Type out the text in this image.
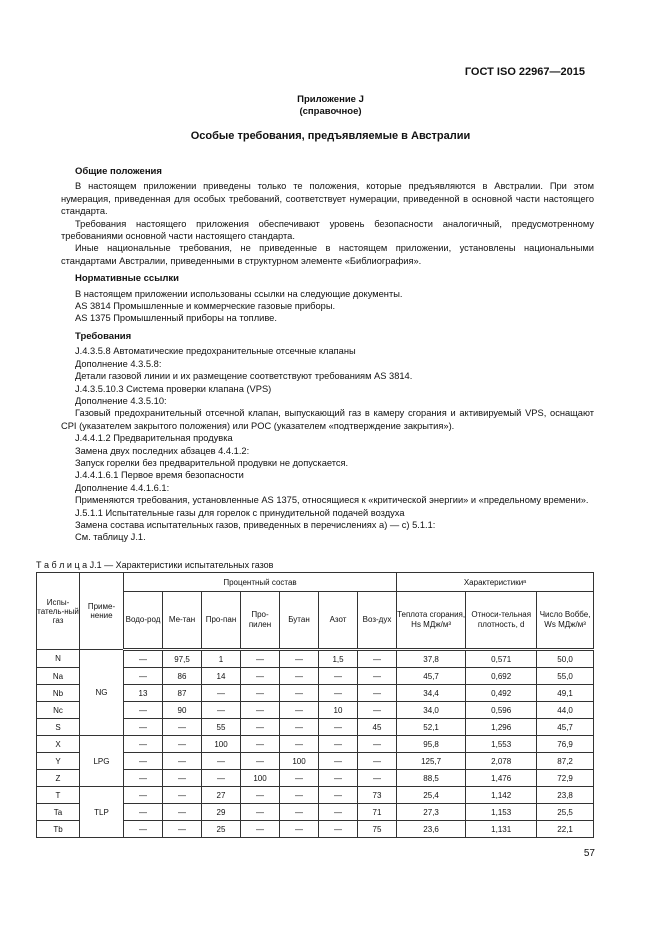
ГОСТ ISO 22967—2015
Приложение J
(справочное)
Особые требования, предъявляемые в Австралии
Общие положения

В настоящем приложении приведены только те положения, которые предъявляются в Австралии. При этом нумерация, приведенная для особых требований, соответствует нумерации, приведенной в основной части настоящего стандарта.

Требования настоящего приложения обеспечивают уровень безопасности аналогичный, предусмотренному требованиями основной части настоящего стандарта.

Иные национальные требования, не приведенные в настоящем приложении, установлены национальными стандартами Австралии, приведенными в структурном элементе «Библиография».

Нормативные ссылки

В настоящем приложении использованы ссылки на следующие документы.

AS 3814 Промышленные и коммерческие газовые приборы.

AS 1375 Промышленный приборы на топливе.

Требования

J.4.3.5.8 Автоматические предохранительные отсечные клапаны

Дополнение 4.3.5.8:

Детали газовой линии и их размещение соответствуют требованиям AS 3814.

J.4.3.5.10.3 Система проверки клапана (VPS)

Дополнение 4.3.5.10:

Газовый предохранительный отсечной клапан, выпускающий газ в камеру сгорания и активируемый VPS, оснащают CPI (указателем закрытого положения) или POC (указателем «подтверждение закрытия»).

J.4.4.1.2 Предварительная продувка

Замена двух последних абзацев 4.4.1.2:

Запуск горелки без предварительной продувки не допускается.

J.4.4.1.6.1 Первое время безопасности

Дополнение 4.4.1.6.1:

Применяются требования, установленные AS 1375, относящиеся к «критической энергии» и «предельному времени».

J.5.1.1 Испытательные газы для горелок с принудительной подачей воздуха

Замена состава испытательных газов, приведенных в перечислениях а) — с) 5.1.1:

См. таблицу J.1.

Т а б л и ц а J.1 — Характеристики испытательных газов
Испы-татель-ный газ	Приме-нение	Процентный состав							Характеристикиᵃ		
		Водо-род	Ме-тан	Про-пан	Про-пилен	Бутан	Азот	Воз-дух	Теплота сгорания, Hs МДж/м³	Относи-тельная плотность, d	Число Воббе, Ws МДж/м³
N	NG	—	97,5	1	—	—	1,5	—	37,8	0,571	50,0
Na		—	86	14	—	—	—	—	45,7	0,692	55,0
Nb		13	87	—	—	—	—	—	34,4	0,492	49,1
Nc		—	90	—	—	—	10	—	34,0	0,596	44,0
S		—	—	55	—	—	—	45	52,1	1,296	45,7
X	LPG	—	—	100	—	—	—	—	95,8	1,553	76,9
Y		—	—	—	—	100	—	—	125,7	2,078	87,2
Z		—	—	—	100	—	—	—	88,5	1,476	72,9
T	TLP	—	—	27	—	—	—	73	25,4	1,142	23,8
Ta		—	—	29	—	—	—	71	27,3	1,153	25,5
Tb		—	—	25	—	—	—	75	23,6	1,131	22,1
57
